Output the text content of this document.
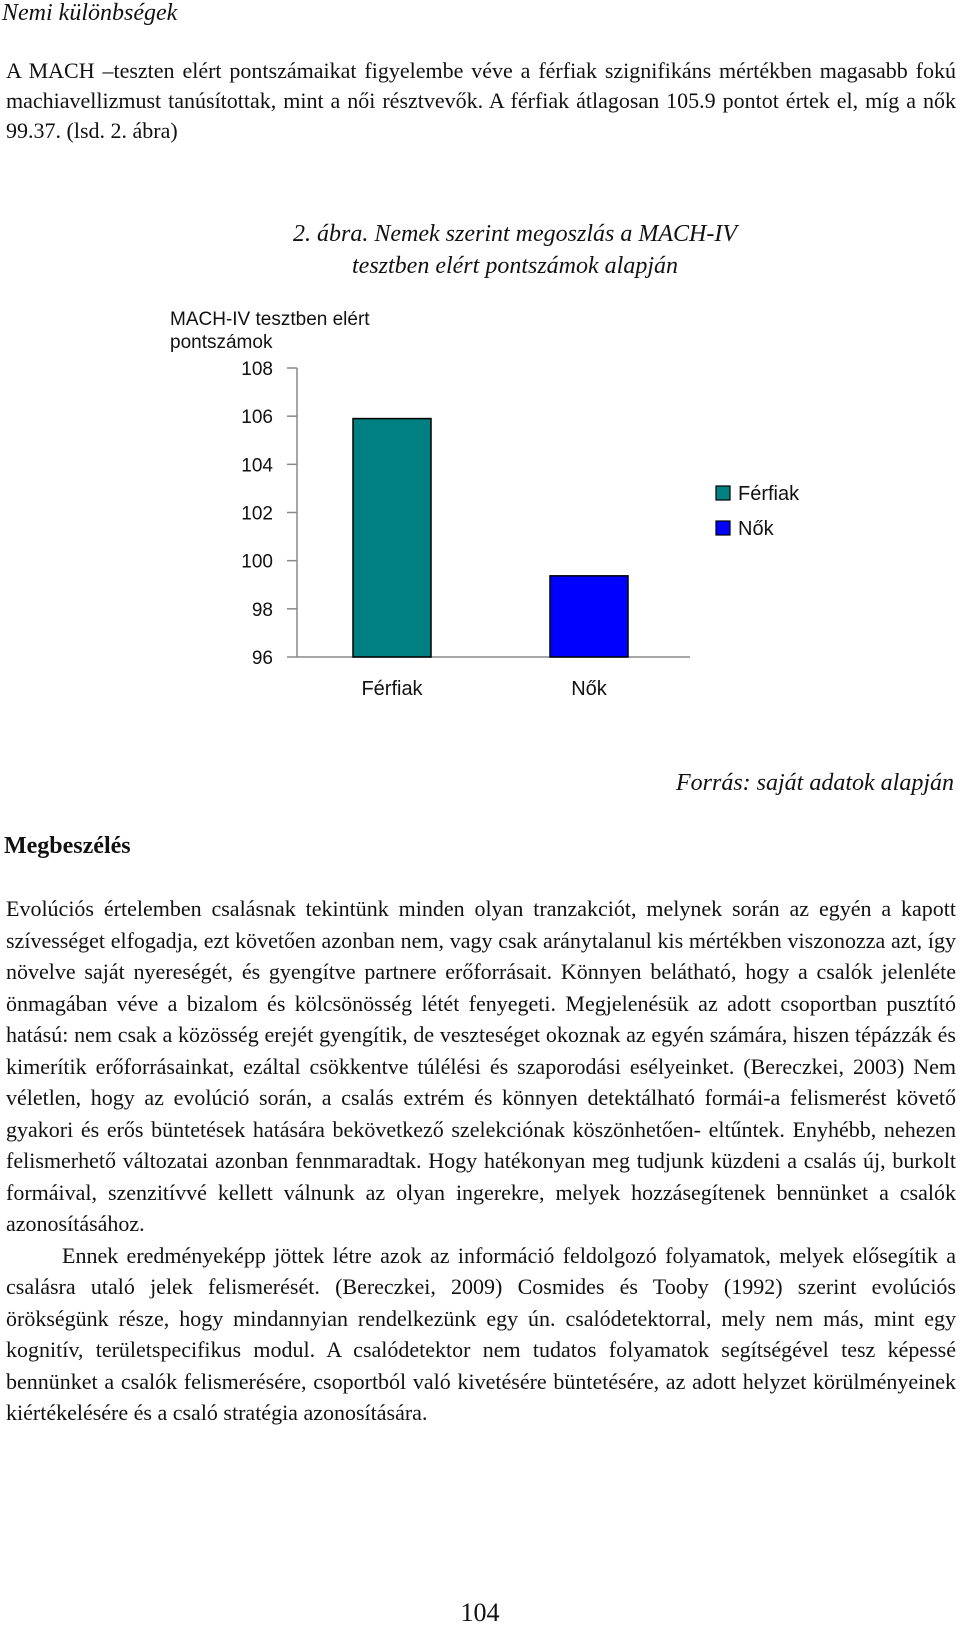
Nemi különbségek
A MACH –teszten elért pontszámaikat figyelembe véve a férfiak szignifikáns mértékben magasabb fokú machiavellizmust tanúsítottak, mint a női résztvevők. A férfiak átlagosan 105.9 pontot értek el, míg a nők 99.37. (lsd. 2. ábra)
2. ábra. Nemek szerint megoszlás a MACH-IV tesztben elért pontszámok alapján
MACH-IV tesztben elért
pontszámok
96
98
100
102
104
106
108
Férfiak	Nők
Férfiak
Nők
Forrás: saját adatok alapján
Megbeszélés

Evolúciós értelemben csalásnak tekintünk minden olyan tranzakciót, melynek során az egyén a kapott szívességet elfogadja, ezt követően azonban nem, vagy csak aránytalanul kis mértékben viszonozza azt, így növelve saját nyereségét, és gyengítve partnere erőforrásait. Könnyen belátható, hogy a csalók jelenléte önmagában véve a bizalom és kölcsönösség létét fenyegeti. Megjelenésük az adott csoportban pusztító hatású: nem csak a közösség erejét gyengítik, de veszteséget okoznak az egyén számára, hiszen tépázzák és kimerítik erőforrásainkat, ezáltal csökkentve túlélési és szaporodási esélyeinket. (Bereczkei, 2003) Nem véletlen, hogy az evolúció során, a csalás extrém és könnyen detektálható formái-a felismerést követő gyakori és erős büntetések hatására bekövetkező szelekciónak köszönhetően- eltűntek. Enyhébb, nehezen felismerhető változatai azonban fennmaradtak. Hogy hatékonyan meg tudjunk küzdeni a csalás új, burkolt formáival, szenzitívvé kellett válnunk az olyan ingerekre, melyek hozzásegítenek bennünket a csalók azonosításához.

Ennek eredményeképp jöttek létre azok az információ feldolgozó folyamatok, melyek elősegítik a csalásra utaló jelek felismerését. (Bereczkei, 2009) Cosmides és Tooby (1992) szerint evolúciós örökségünk része, hogy mindannyian rendelkezünk egy ún. csalódetektorral, mely nem más, mint egy kognitív, területspecifikus modul. A csalódetektor nem tudatos folyamatok segítségével tesz képessé bennünket a csalók felismerésére, csoportból való kivetésére büntetésére, az adott helyzet körülményeinek kiértékelésére és a csaló stratégia azonosítására.

104
